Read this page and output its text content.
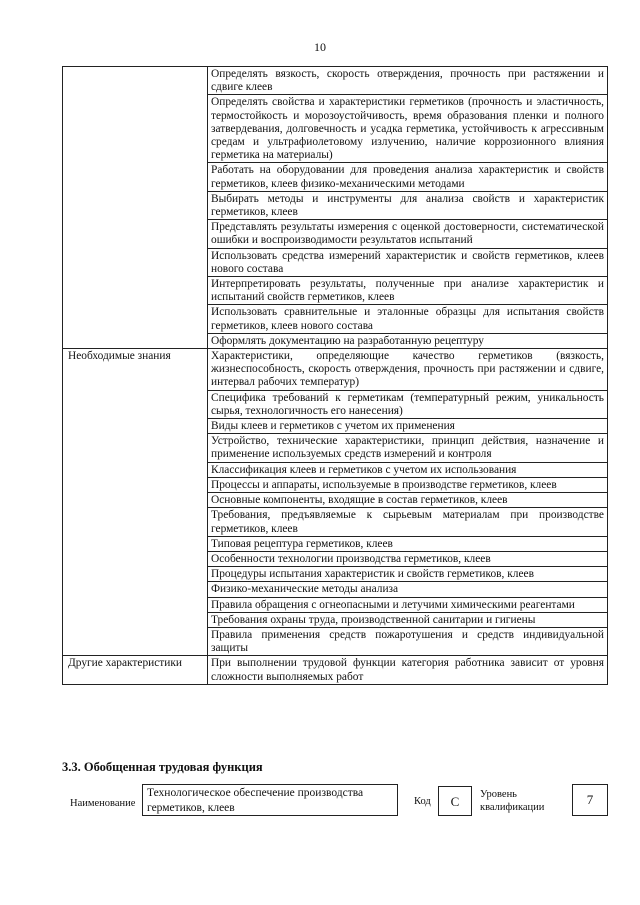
10
	Определять вязкость, скорость отверждения, прочность при растяжении и сдвиге клеев
	Определять свойства и характеристики герметиков (прочность и эластичность, термостойкость и морозоустойчивость, время образования пленки и полного затвердевания, долговечность и усадка герметика, устойчивость к агрессивным средам и ультрафиолетовому излучению, наличие коррозионного влияния герметика на материалы)
	Работать на оборудовании для проведения анализа характеристик и свойств герметиков, клеев физико-механическими методами
	Выбирать методы и инструменты для анализа свойств и характеристик герметиков, клеев
	Представлять результаты измерения с оценкой достоверности, систематической ошибки и воспроизводимости результатов испытаний
	Использовать средства измерений характеристик и свойств герметиков, клеев нового состава
	Интерпретировать результаты, полученные при анализе характеристик и испытаний свойств герметиков, клеев
	Использовать сравнительные и эталонные образцы для испытания свойств герметиков, клеев нового состава
	Оформлять документацию на разработанную рецептуру
Необходимые знания	Характеристики, определяющие качество герметиков (вязкость, жизнеспособность, скорость отверждения, прочность при растяжении и сдвиге, интервал рабочих температур)
	Специфика требований к герметикам (температурный режим, уникальность сырья, технологичность его нанесения)
	Виды клеев и герметиков с учетом их применения
	Устройство, технические характеристики, принцип действия, назначение и применение используемых средств измерений и контроля
	Классификация клеев и герметиков с учетом их использования
	Процессы и аппараты, используемые в производстве герметиков, клеев
	Основные компоненты, входящие в состав герметиков, клеев
	Требования, предъявляемые к сырьевым материалам при производстве герметиков, клеев
	Типовая рецептура герметиков, клеев
	Особенности технологии производства герметиков, клеев
	Процедуры испытания характеристик и свойств герметиков, клеев
	Физико-механические методы анализа
	Правила обращения с огнеопасными и летучими химическими реагентами
	Требования охраны труда, производственной санитарии и гигиены
	Правила применения средств пожаротушения и средств индивидуальной защиты
Другие характеристики	При выполнении трудовой функции категория работника зависит от уровня сложности выполняемых работ
3.3. Обобщенная трудовая функция
Наименование
Технологическое обеспечение производства герметиков, клеев
Код	С	Уровень квалификации
7
